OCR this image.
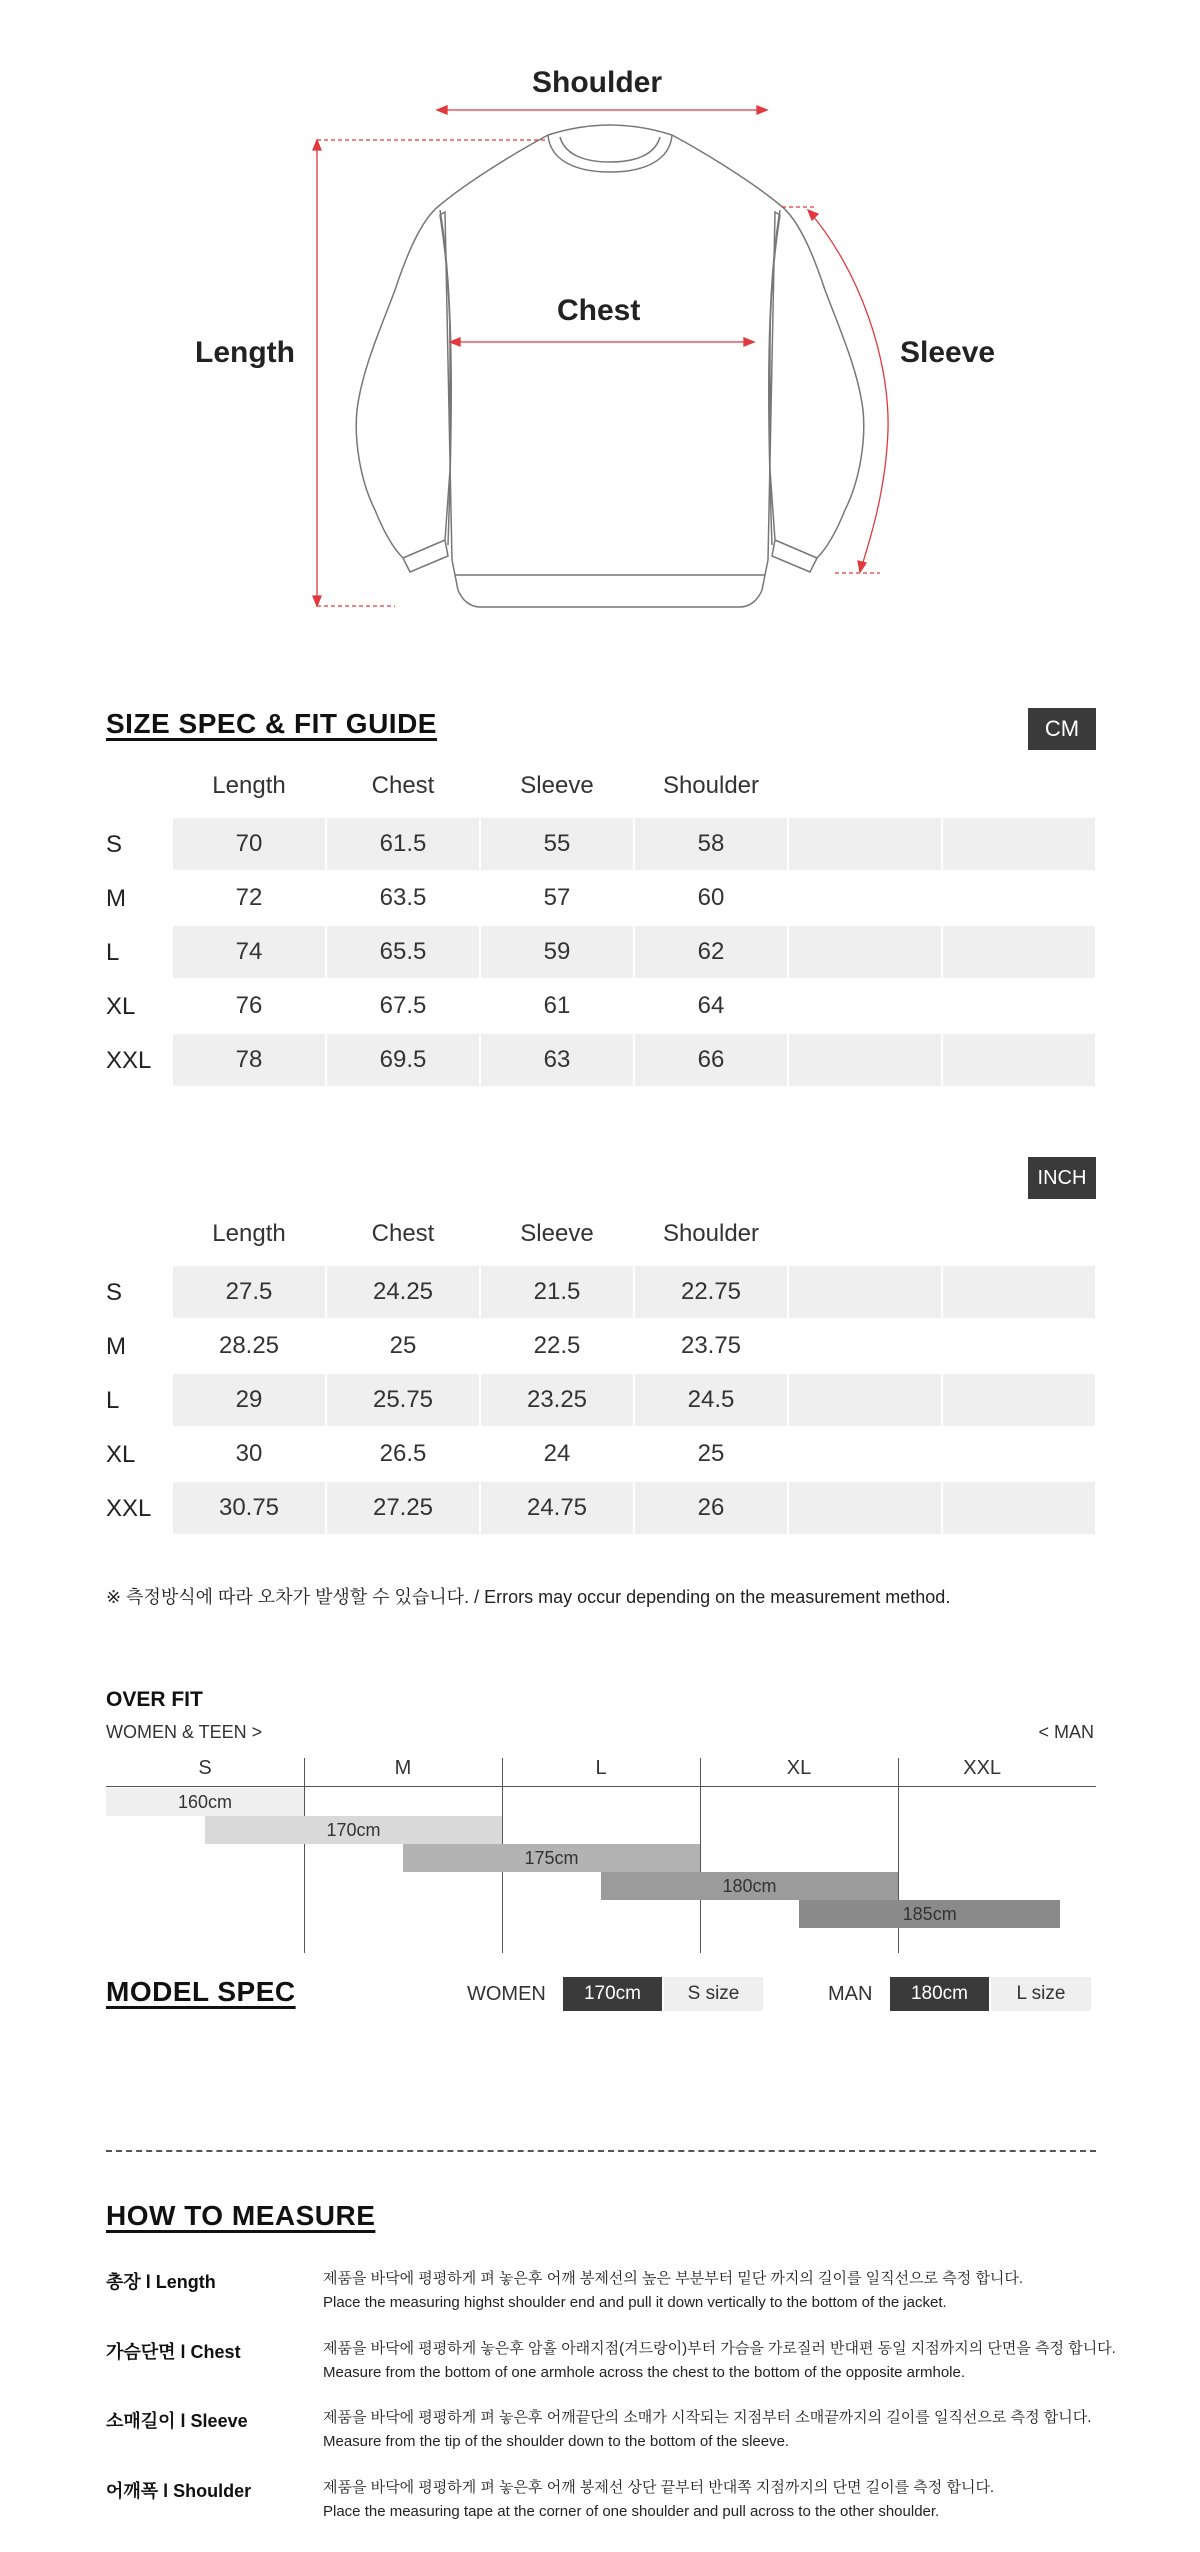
Shoulder
Chest
Length	Sleeve
SIZE SPEC & FIT GUIDE	CM
Length	Chest	Sleeve	Shoulder
S	70	61.5	55	58
M	72	63.5	57	60
L	74	65.5	59	62
XL	76	67.5	61	64
XXL	78	69.5	63	66
INCH
Length	Chest	Sleeve	Shoulder
S	27.5	24.25	21.5	22.75
M	28.25	25	22.5	23.75
L	29	25.75	23.25	24.5
XL	30	26.5	24	25
XXL	30.75	27.25	24.75	26
※ 측정방식에 따라 오차가 발생할 수 있습니다. / Errors may occur depending on the measurement method.
OVER FIT
WOMEN & TEEN >	< MAN
S	M	L	XL	XXL
160cm
170cm
175cm
180cm
185cm
MODEL SPEC	WOMEN	170cm	S size	MAN	180cm	L size
HOW TO MEASURE
총장 l Length	제품을 바닥에 평평하게 펴 놓은후 어깨 봉제선의 높은 부분부터 밑단 까지의 길이를 일직선으로 측정 합니다.
Place the measuring highst shoulder end and pull it down vertically to the bottom of the jacket.
가슴단면 l Chest	제품을 바닥에 평평하게 놓은후 암홀 아래지점(겨드랑이)부터 가슴을 가로질러 반대편 동일 지점까지의 단면을 측정 합니다.
Measure from the bottom of one armhole across the chest to the bottom of the opposite armhole.
소매길이 l Sleeve	제품을 바닥에 평평하게 펴 놓은후 어깨끝단의 소매가 시작되는 지점부터 소매끝까지의 길이를 일직선으로 측정 합니다.
Measure from the tip of the shoulder down to the bottom of the sleeve.
어깨폭 l Shoulder	제품을 바닥에 평평하게 펴 놓은후 어깨 봉제선 상단 끝부터 반대쪽 지점까지의 단면 길이를 측정 합니다.
Place the measuring tape at the corner of one shoulder and pull across to the other shoulder.
